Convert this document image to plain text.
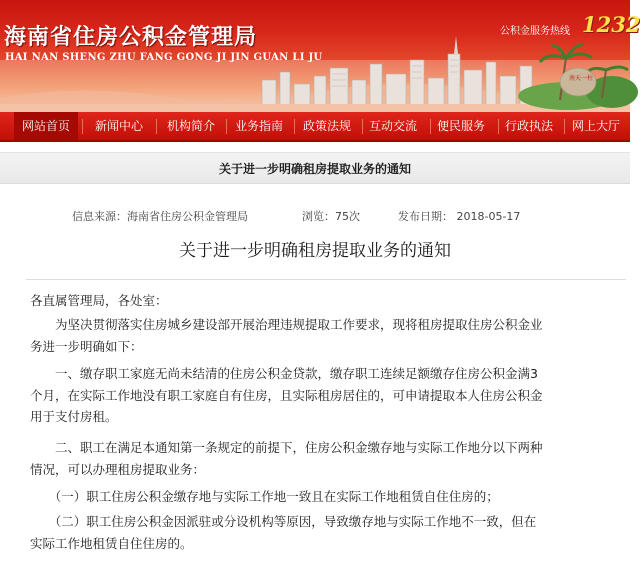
南天一柱
海南省住房公积金管理局
HAI NAN SHENG ZHU FANG GONG JI JIN GUAN LI JU
公积金服务热线 1232
网站首页	新闻中心	机构简介	业务指南	政策法规	互动交流	便民服务	行政执法	网上大厅
关于进一步明确租房提取业务的通知
信息来源：海南省住房公积金管理局	浏览：75次	发布日期： 2018-05-17
关于进一步明确租房提取业务的通知
各直属管理局，各处室：
　　为坚决贯彻落实住房城乡建设部开展治理违规提取工作要求，现将租房提取住房公积金业
务进一步明确如下：
　　一、缴存职工家庭无尚未结清的住房公积金贷款，缴存职工连续足额缴存住房公积金满3
个月，在实际工作地没有职工家庭自有住房，且实际租房居住的，可申请提取本人住房公积金
用于支付房租。
　　二、职工在满足本通知第一条规定的前提下，住房公积金缴存地与实际工作地分以下两种
情况，可以办理租房提取业务：
　　（一）职工住房公积金缴存地与实际工作地一致且在实际工作地租赁自住住房的；
　　（二）职工住房公积金因派驻或分设机构等原因，导致缴存地与实际工作地不一致，但在
实际工作地租赁自住住房的。
